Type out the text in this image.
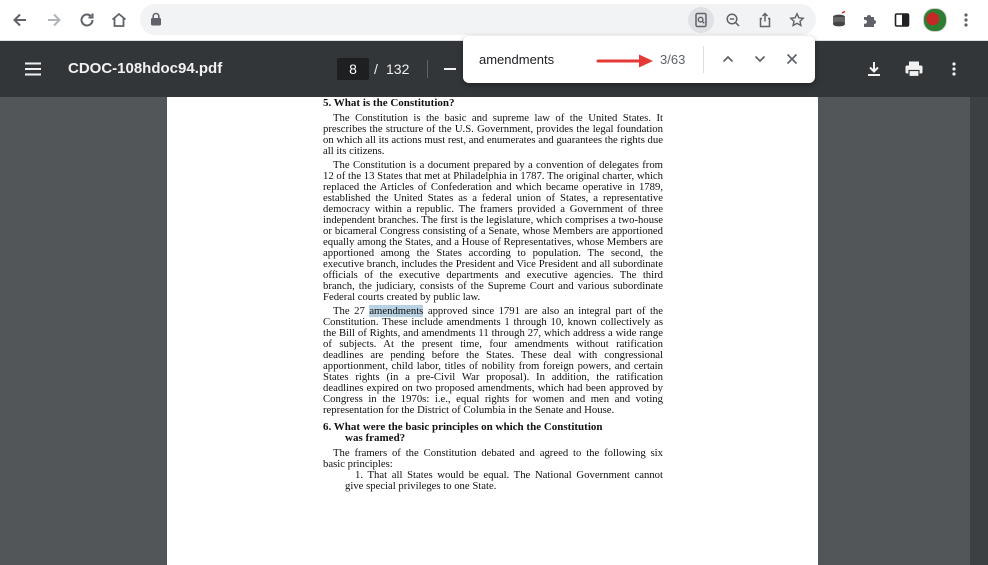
CDOC-108hdoc94.pdf
8	/ 132
5. What is the Constitution?

The Constitution is the basic and supreme law of the United States. It prescribes the structure of the U.S. Government, provides the legal foundation on which all its actions must rest, and enumerates and guarantees the rights due all its citizens.

The Constitution is a document prepared by a convention of delegates from 12 of the 13 States that met at Philadelphia in 1787. The original charter, which replaced the Articles of Confederation and which became operative in 1789, established the United States as a federal union of States, a representative democracy within a republic. The framers provided a Government of three independent branches. The first is the legislature, which comprises a two-house or bicameral Congress consisting of a Senate, whose Members are apportioned equally among the States, and a House of Representatives, whose Members are apportioned among the States according to population. The second, the executive branch, includes the President and Vice President and all subordinate officials of the executive departments and executive agencies. The third branch, the judiciary, consists of the Supreme Court and various subordinate Federal courts created by public law.

The 27 amendments approved since 1791 are also an integral part of the Constitution. These include amendments 1 through 10, known collectively as the Bill of Rights, and amendments 11 through 27, which address a wide range of subjects. At the present time, four amendments without ratification deadlines are pending before the States. These deal with congressional apportionment, child labor, titles of nobility from foreign powers, and certain States rights (in a pre-Civil War proposal). In addition, the ratification deadlines expired on two proposed amendments, which had been approved by Congress in the 1970s: i.e., equal rights for women and men and voting representation for the District of Columbia in the Senate and House.

6. What were the basic principles on which the Constitution
was framed?

The framers of the Constitution debated and agreed to the following six basic principles:

1. That all States would be equal. The National Government cannot give special privileges to one State.
amendments
3/63
